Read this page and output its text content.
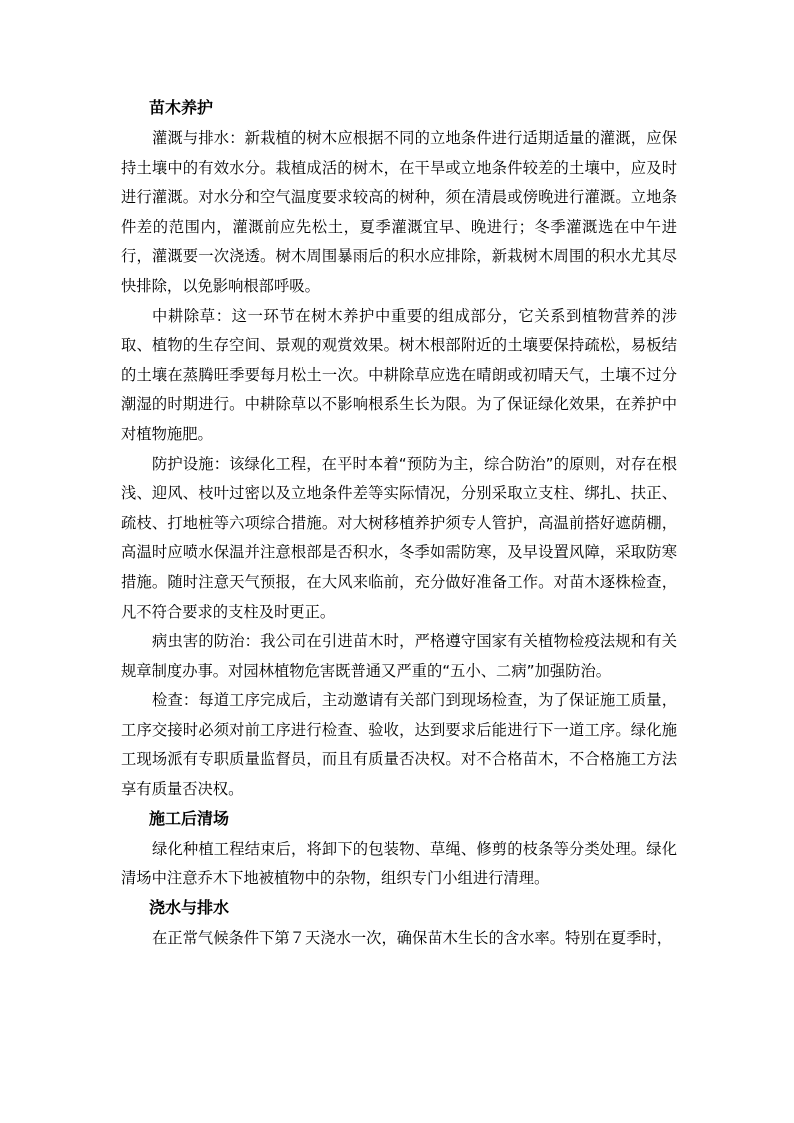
苗木养护

灌溉与排水：新栽植的树木应根据不同的立地条件进行适期适量的灌溉，应保持土壤中的有效水分。栽植成活的树木，在干旱或立地条件较差的土壤中，应及时进行灌溉。对水分和空气温度要求较高的树种，须在清晨或傍晚进行灌溉。立地条件差的范围内，灌溉前应先松土，夏季灌溉宜早、晚进行；冬季灌溉选在中午进行，灌溉要一次浇透。树木周围暴雨后的积水应排除，新栽树木周围的积水尤其尽快排除，以免影响根部呼吸。

中耕除草：这一环节在树木养护中重要的组成部分，它关系到植物营养的涉取、植物的生存空间、景观的观赏效果。树木根部附近的土壤要保持疏松，易板结的土壤在蒸腾旺季要每月松土一次。中耕除草应选在晴朗或初晴天气，土壤不过分潮湿的时期进行。中耕除草以不影响根系生长为限。为了保证绿化效果，在养护中对植物施肥。

防护设施：该绿化工程，在平时本着“预防为主，综合防治”的原则，对存在根浅、迎风、枝叶过密以及立地条件差等实际情况，分别采取立支柱、绑扎、扶正、疏枝、打地桩等六项综合措施。对大树移植养护须专人管护，高温前搭好遮荫棚，高温时应喷水保温并注意根部是否积水，冬季如需防寒，及早设置风障，采取防寒措施。随时注意天气预报，在大风来临前，充分做好准备工作。对苗木逐株检查，凡不符合要求的支柱及时更正。

病虫害的防治：我公司在引进苗木时，严格遵守国家有关植物检疫法规和有关规章制度办事。对园林植物危害既普通又严重的“五小、二病”加强防治。

检查：每道工序完成后，主动邀请有关部门到现场检查，为了保证施工质量，工序交接时必须对前工序进行检查、验收，达到要求后能进行下一道工序。绿化施工现场派有专职质量监督员，而且有质量否决权。对不合格苗木，不合格施工方法享有质量否决权。

施工后清场

绿化种植工程结束后，将卸下的包装物、草绳、修剪的枝条等分类处理。绿化清场中注意乔木下地被植物中的杂物，组织专门小组进行清理。

浇水与排水

在正常气候条件下第７天浇水一次，确保苗木生长的含水率。特别在夏季时，
